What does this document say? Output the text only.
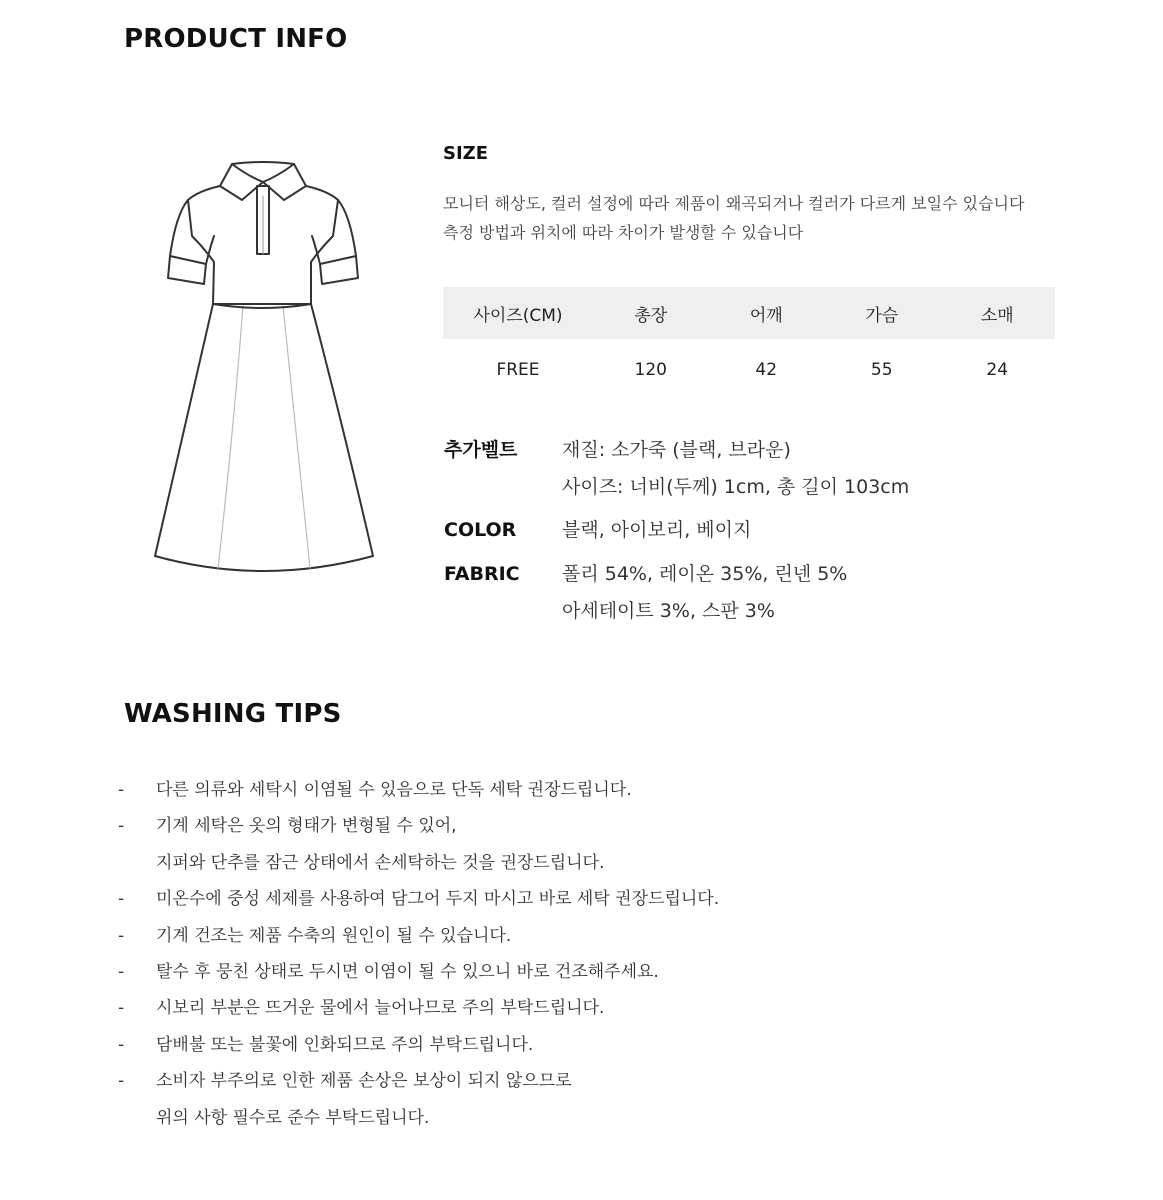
PRODUCT INFO
SIZE
모니터 해상도, 컬러 설정에 따라 제품이 왜곡되거나 컬러가 다르게 보일수 있습니다
측정 방법과 위치에 따라 차이가 발생할 수 있습니다
사이즈(CM)	총장	어깨	가슴	소매
FREE	120	42	55	24
추가벨트	재질: 소가죽 (블랙, 브라운)
사이즈: 너비(두께) 1cm, 총 길이 103cm
COLOR	블랙, 아이보리, 베이지
FABRIC	폴리 54%, 레이온 35%, 린넨 5%
아세테이트 3%, 스판 3%
WASHING TIPS
-	다른 의류와 세탁시 이염될 수 있음으로 단독 세탁 권장드립니다.
-	기계 세탁은 옷의 형태가 변형될 수 있어,
지퍼와 단추를 잠근 상태에서 손세탁하는 것을 권장드립니다.
-	미온수에 중성 세제를 사용하여 담그어 두지 마시고 바로 세탁 권장드립니다.
-	기계 건조는 제품 수축의 원인이 될 수 있습니다.
-	탈수 후 뭉친 상태로 두시면 이염이 될 수 있으니 바로 건조해주세요.
-	시보리 부분은 뜨거운 물에서 늘어나므로 주의 부탁드립니다.
-	담배불 또는 불꽃에 인화되므로 주의 부탁드립니다.
-	소비자 부주의로 인한 제품 손상은 보상이 되지 않으므로
위의 사항 필수로 준수 부탁드립니다.
